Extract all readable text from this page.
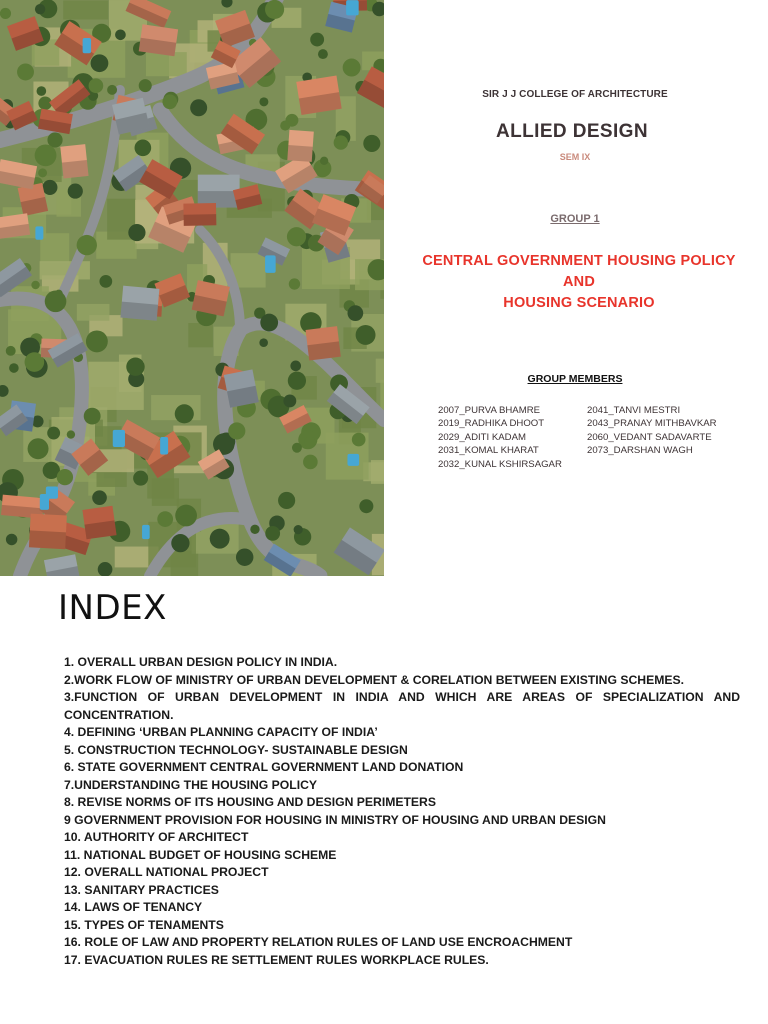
SIR J J COLLEGE OF ARCHITECTURE
ALLIED DESIGN
SEM IX
GROUP 1
CENTRAL GOVERNMENT HOUSING POLICY
AND
HOUSING SCENARIO
GROUP MEMBERS
2007_PURVA BHAMRE
2019_RADHIKA DHOOT
2029_ADITI KADAM
2031_KOMAL KHARAT
2032_KUNAL KSHIRSAGAR
2041_TANVI MESTRI
2043_PRANAY MITHBAVKAR
2060_VEDANT SADAVARTE
2073_DARSHAN WAGH
INDEX
1. OVERALL URBAN DESIGN POLICY IN INDIA.
2.WORK FLOW OF MINISTRY OF URBAN DEVELOPMENT & CORELATION BETWEEN EXISTING SCHEMES.
3.FUNCTION OF URBAN DEVELOPMENT IN INDIA AND WHICH ARE AREAS OF SPECIALIZATION AND CONCENTRATION.
4. DEFINING ‘URBAN PLANNING CAPACITY OF INDIA’
5. CONSTRUCTION TECHNOLOGY- SUSTAINABLE DESIGN
6. STATE GOVERNMENT CENTRAL GOVERNMENT LAND DONATION
7.UNDERSTANDING THE HOUSING POLICY
8. REVISE NORMS OF ITS HOUSING AND DESIGN PERIMETERS
9 GOVERNMENT PROVISION FOR HOUSING IN MINISTRY OF HOUSING AND URBAN DESIGN
10. AUTHORITY OF ARCHITECT
11. NATIONAL BUDGET OF HOUSING SCHEME
12. OVERALL NATIONAL PROJECT
13. SANITARY PRACTICES
14. LAWS OF TENANCY
15. TYPES OF TENAMENTS
16. ROLE OF LAW AND PROPERTY RELATION RULES OF LAND USE ENCROACHMENT
17. EVACUATION RULES RE SETTLEMENT RULES WORKPLACE RULES.
